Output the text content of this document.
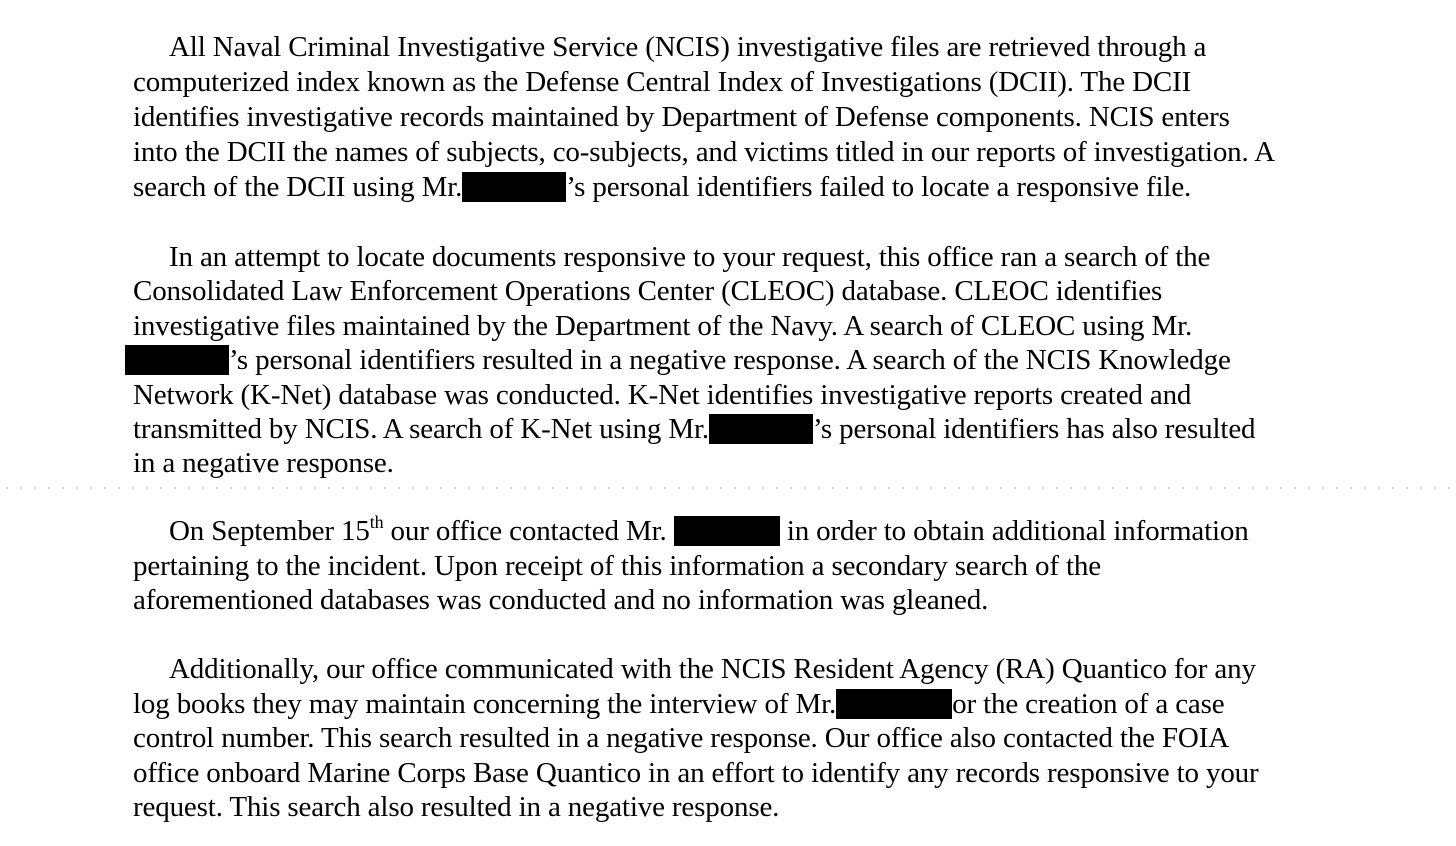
All Naval Criminal Investigative Service (NCIS) investigative files are retrieved through a
computerized index known as the Defense Central Index of Investigations (DCII). The DCII
identifies investigative records maintained by Department of Defense components. NCIS enters
into the DCII the names of subjects, co-subjects, and victims titled in our reports of investigation. A
search of the DCII using Mr.	’s personal identifiers failed to locate a responsive file.
In an attempt to locate documents responsive to your request, this office ran a search of the
Consolidated Law Enforcement Operations Center (CLEOC) database. CLEOC identifies
investigative files maintained by the Department of the Navy. A search of CLEOC using Mr.
’s personal identifiers resulted in a negative response. A search of the NCIS Knowledge
Network (K-Net) database was conducted. K-Net identifies investigative reports created and
transmitted by NCIS. A search of K-Net using Mr.	’s personal identifiers has also resulted
in a negative response.
On September 15th our office contacted Mr.	in order to obtain additional information
pertaining to the incident. Upon receipt of this information a secondary search of the
aforementioned databases was conducted and no information was gleaned.
Additionally, our office communicated with the NCIS Resident Agency (RA) Quantico for any
log books they may maintain concerning the interview of Mr.	or the creation of a case
control number. This search resulted in a negative response. Our office also contacted the FOIA
office onboard Marine Corps Base Quantico in an effort to identify any records responsive to your
request. This search also resulted in a negative response.
